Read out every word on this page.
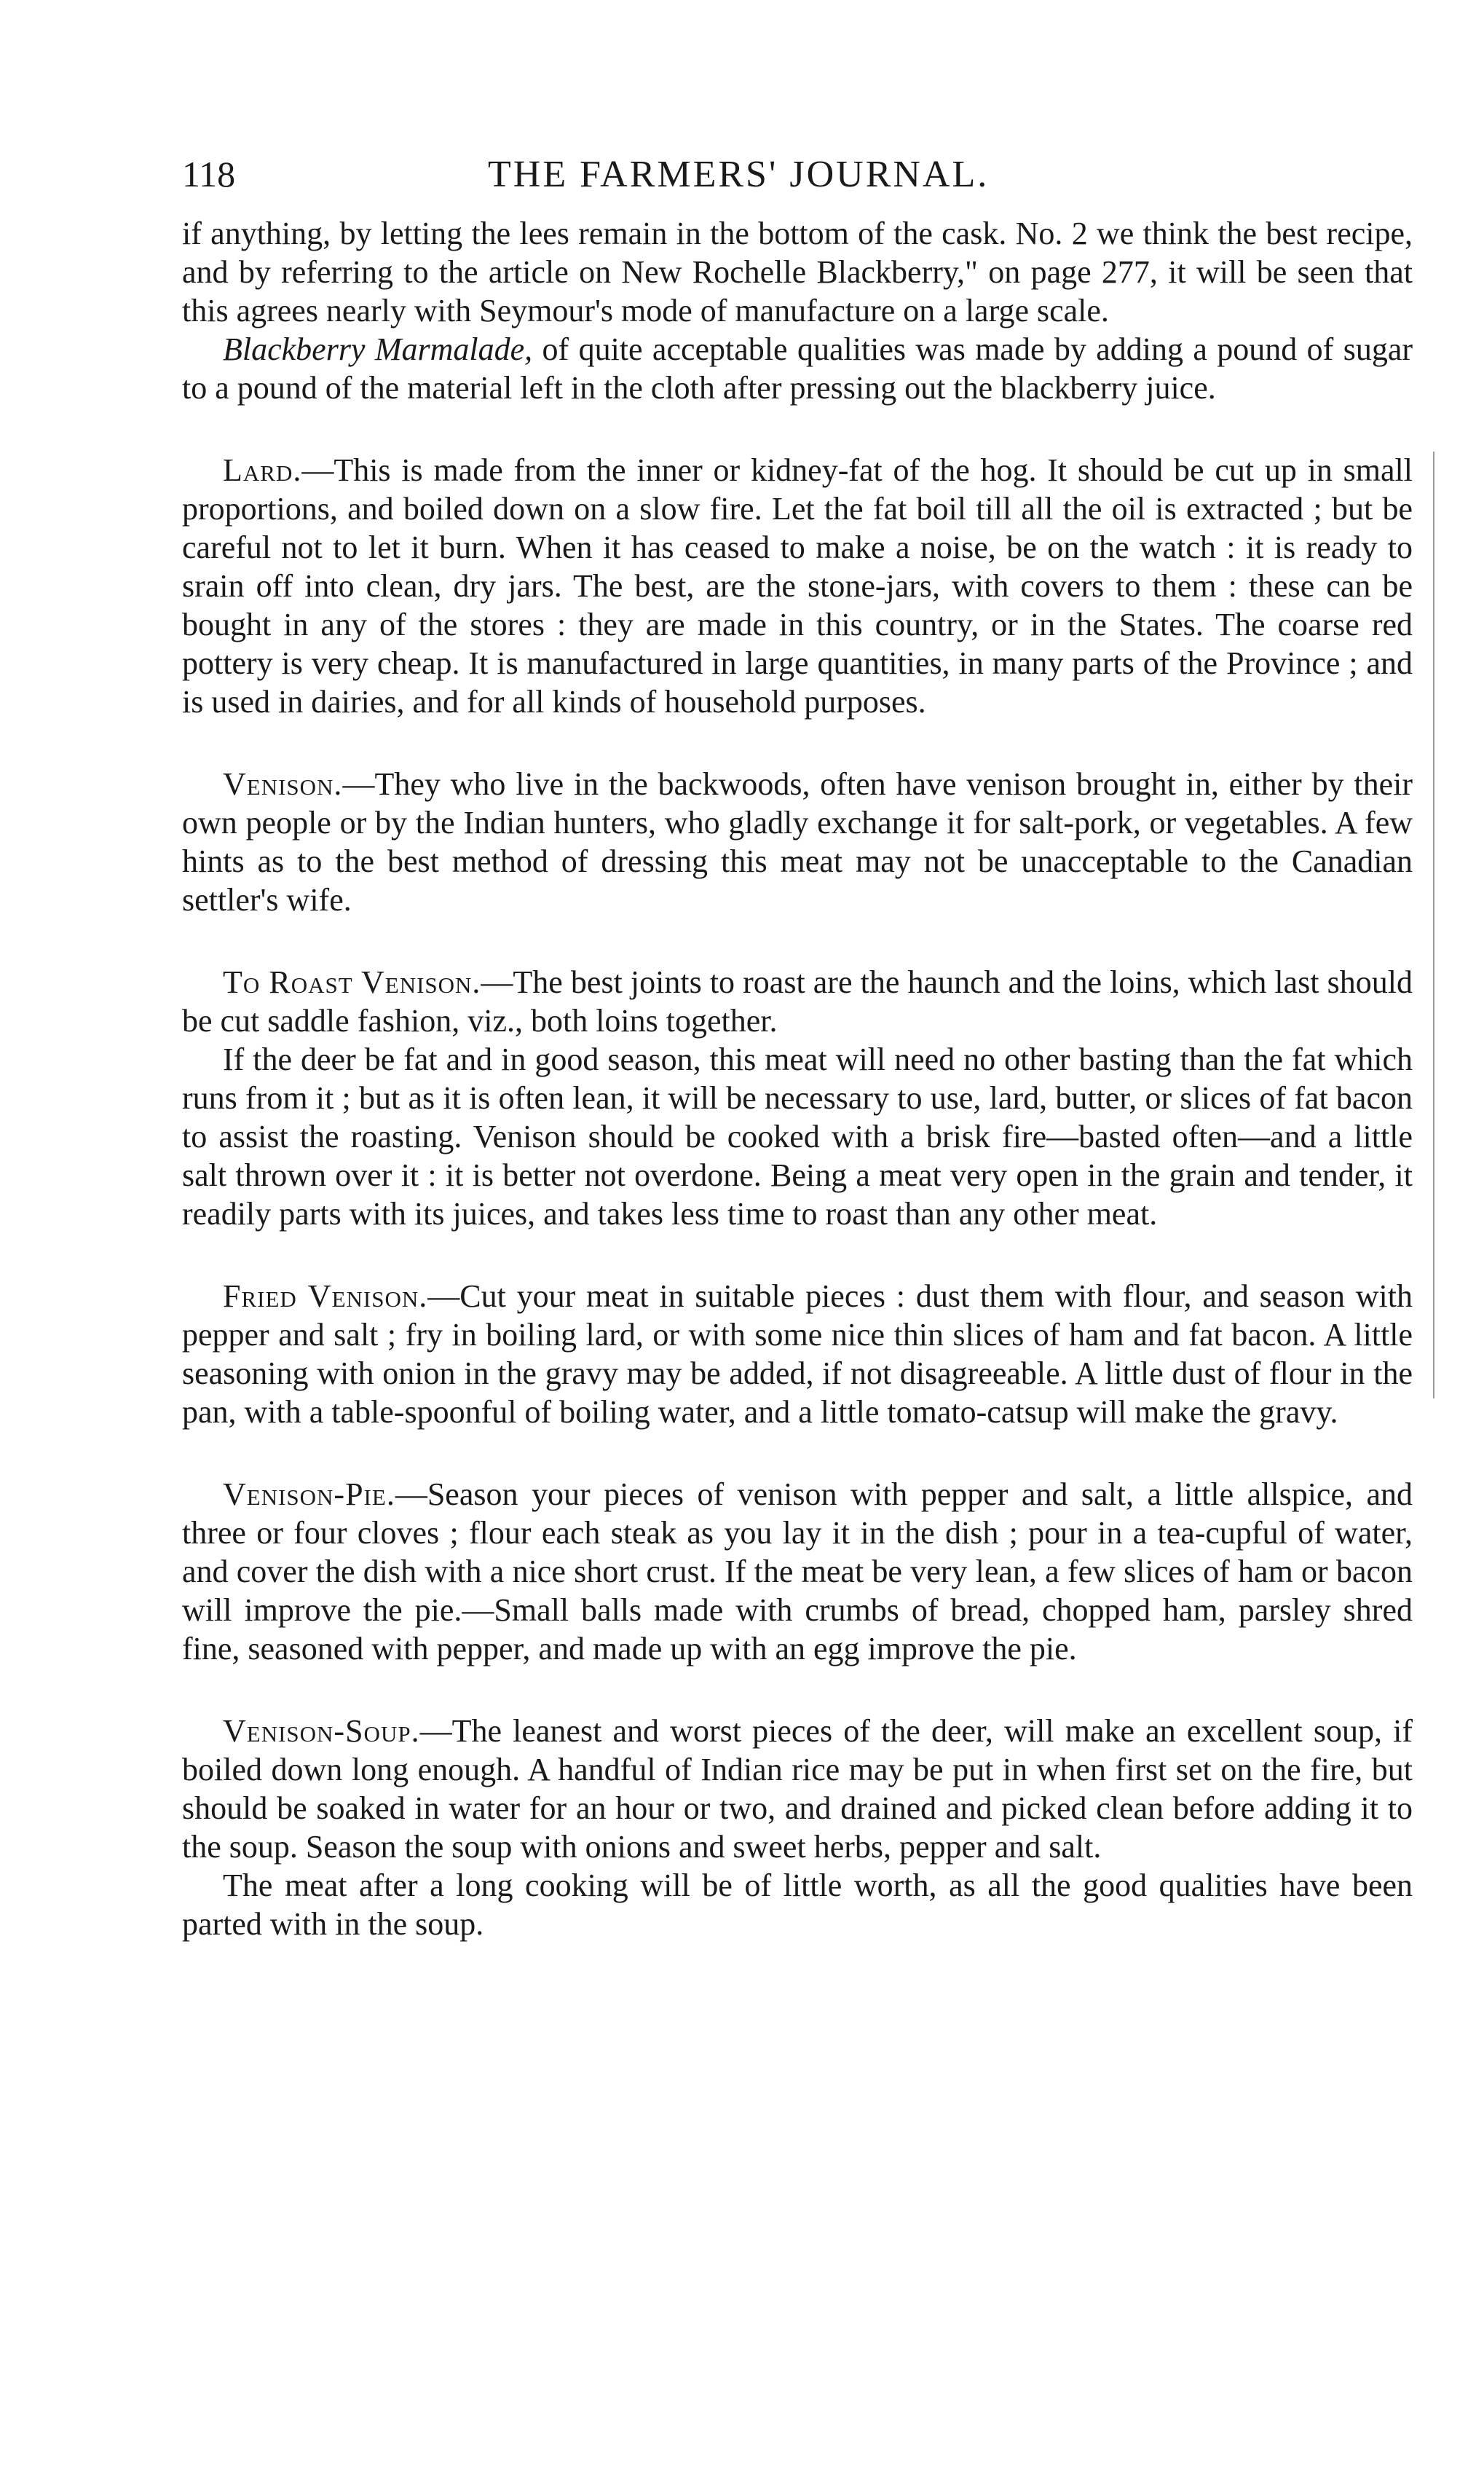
118	THE FARMERS' JOURNAL.

if anything, by letting the lees remain in the bottom of the cask. No. 2 we think the best recipe, and by referring to the article on New Rochelle Blackberry," on page 277, it will be seen that this agrees nearly with Seymour's mode of manufacture on a large scale.

Blackberry Marmalade, of quite acceptable qualities was made by adding a pound of sugar to a pound of the material left in the cloth after pressing out the blackberry juice.

Lard.—This is made from the inner or kidney-fat of the hog. It should be cut up in small proportions, and boiled down on a slow fire. Let the fat boil till all the oil is extracted ; but be careful not to let it burn. When it has ceased to make a noise, be on the watch : it is ready to srain off into clean, dry jars. The best, are the stone-jars, with covers to them : these can be bought in any of the stores : they are made in this country, or in the States. The coarse red pottery is very cheap. It is manufactured in large quantities, in many parts of the Province ; and is used in dairies, and for all kinds of household purposes.

Venison.—They who live in the backwoods, often have venison brought in, either by their own people or by the Indian hunters, who gladly exchange it for salt-pork, or vegetables. A few hints as to the best method of dressing this meat may not be unacceptable to the Canadian settler's wife.

To Roast Venison.—The best joints to roast are the haunch and the loins, which last should be cut saddle fashion, viz., both loins together.

If the deer be fat and in good season, this meat will need no other basting than the fat which runs from it ; but as it is often lean, it will be necessary to use, lard, butter, or slices of fat bacon to assist the roasting. Venison should be cooked with a brisk fire—basted often—and a little salt thrown over it : it is better not overdone. Being a meat very open in the grain and tender, it readily parts with its juices, and takes less time to roast than any other meat.

Fried Venison.—Cut your meat in suitable pieces : dust them with flour, and season with pepper and salt ; fry in boiling lard, or with some nice thin slices of ham and fat bacon. A little seasoning with onion in the gravy may be added, if not disagreeable. A little dust of flour in the pan, with a table-spoonful of boiling water, and a little tomato-catsup will make the gravy.

Venison-Pie.—Season your pieces of venison with pepper and salt, a little allspice, and three or four cloves ; flour each steak as you lay it in the dish ; pour in a tea-cupful of water, and cover the dish with a nice short crust. If the meat be very lean, a few slices of ham or bacon will improve the pie.—Small balls made with crumbs of bread, chopped ham, parsley shred fine, seasoned with pepper, and made up with an egg improve the pie.

Venison-Soup.—The leanest and worst pieces of the deer, will make an excellent soup, if boiled down long enough. A handful of Indian rice may be put in when first set on the fire, but should be soaked in water for an hour or two, and drained and picked clean before adding it to the soup. Season the soup with onions and sweet herbs, pepper and salt.

The meat after a long cooking will be of little worth, as all the good qualities have been parted with in the soup.
